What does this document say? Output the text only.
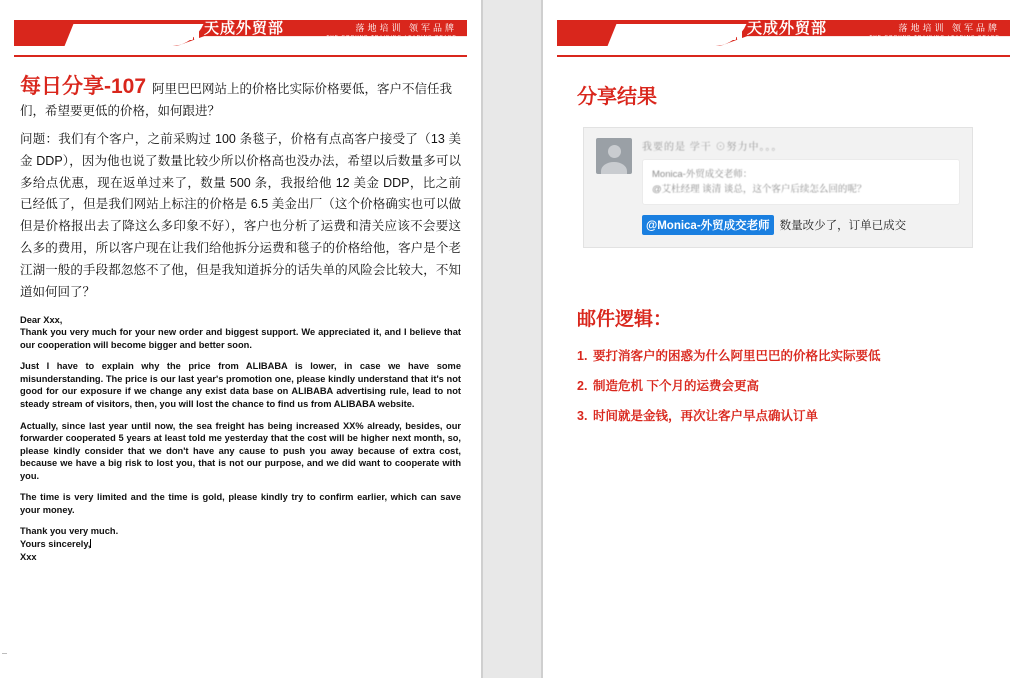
天成外贸部
TIANCHENGWAIMAOBU
落地培训 领军品牌
THE GROUND TRAINING LEADING BRAND
每日分享-107 阿里巴巴网站上的价格比实际价格要低，客户不信任我们，希望要更低的价格，如何跟进？

问题：我们有个客户，之前采购过 100 条毯子，价格有点高客户接受了（13 美金 DDP），因为他也说了数量比较少所以价格高也没办法，希望以后数量多可以多给点优惠，现在返单过来了，数量 500 条，我报给他 12 美金 DDP，比之前已经低了，但是我们网站上标注的价格是 6.5 美金出厂（这个价格确实也可以做但是价格报出去了降这么多印象不好），客户也分析了运费和清关应该不会要这么多的费用，所以客户现在让我们给他拆分运费和毯子的价格给他，客户是个老江湖一般的手段都忽悠不了他，但是我知道拆分的话失单的风险会比较大，不知道如何回了？

Dear Xxx,

Thank you very much for your new order and biggest support. We appreciated it, and I believe that our cooperation will become bigger and better soon.

Just I have to explain why the price from ALIBABA is lower, in case we have some misunderstanding. The price is our last year's promotion one, please kindly understand that it's not good for our exposure if we change any exist data base on ALIBABA advertising rule, lead to not steady stream of visitors, then, you will lost the chance to find us from ALIBABA website.

Actually, since last year until now, the sea freight has being increased XX% already, besides, our forwarder cooperated 5 years at least told me yesterday that the cost will be higher next month, so, please kindly consider that we don't have any cause to push you away because of extra cost, because we have a big risk to lost you, that is not our purpose, and we did want to cooperate with you.

The time is very limited and the time is gold, please kindly try to confirm earlier, which can save your money.

Thank you very much.

Yours sincerely,

Xxx

天成外贸部
TIANCHENGWAIMAOBU
落地培训 领军品牌
THE GROUND TRAINING LEADING BRAND
分享结果
我要的是 学干 ⊙努力中。。。
Monica-外贸成交老师：
@艾杜经理 谈清 谈总，这个客户后续怎么回的呢？
@Monica-外贸成交老师 数量改少了，订单已成交
邮件逻辑：
1. 要打消客户的困惑为什么阿里巴巴的价格比实际要低
2. 制造危机 下个月的运费会更高
3. 时间就是金钱，再次让客户早点确认订单
